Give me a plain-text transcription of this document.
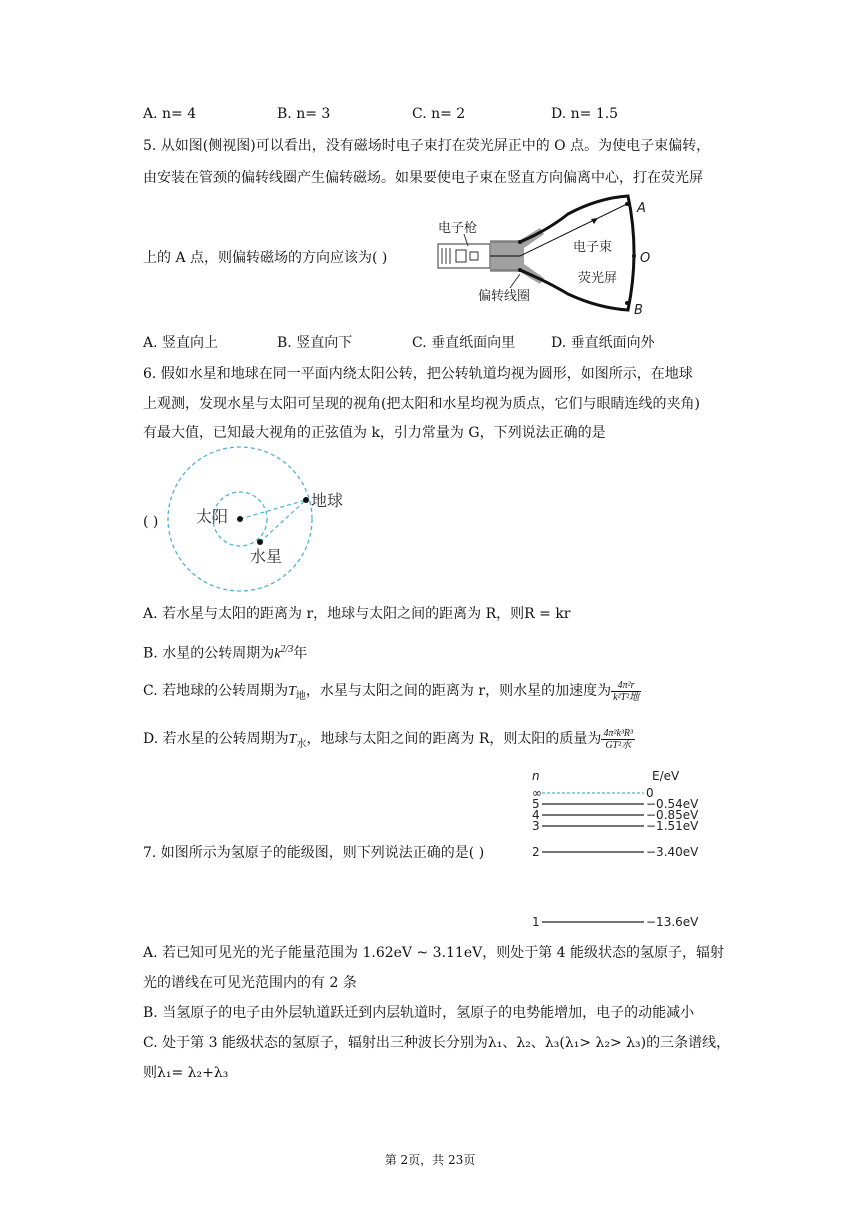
A. n= 4	B. n= 3	C. n= 2	D. n= 1.5
5. 从如图(侧视图)可以看出，没有磁场时电子束打在荧光屏正中的 O 点。为使电子束偏转，
由安装在管颈的偏转线圈产生偏转磁场。如果要使电子束在竖直方向偏离中心，打在荧光屏
上的 A 点，则偏转磁场的方向应该为( )
电子枪
电子束
荧光屏
偏转线圈
A
O
B
A. 竖直向上	B. 竖直向下	C. 垂直纸面向里	D. 垂直纸面向外
6. 假如水星和地球在同一平面内绕太阳公转，把公转轨道均视为圆形，如图所示，在地球
上观测，发现水星与太阳可呈现的视角(把太阳和水星均视为质点，它们与眼睛连线的夹角)
有最大值，已知最大视角的正弦值为 k，引力常量为 G，下列说法正确的是
( ) 太阳
地球
水星
A. 若水星与太阳的距离为 r，地球与太阳之间的距离为 R，则R = kr
B. 水星的公转周期为$k^{2/3}$年
C. 若地球的公转周期为$T_地$，水星与太阳之间的距离为 r，则水星的加速度为 $\frac{\text{4π²r}}{\text{k²T²地}}$
D. 若水星的公转周期为$T_水$，地球与太阳之间的距离为 R，则太阳的质量为 $\frac{\text{4π²k³R³}}{\text{GT²水}}$
7. 如图所示为氢原子的能级图，则下列说法正确的是( )
n	E/eV
∞	0
5	−0.54eV
4	−0.85eV
3	−1.51eV
2	−3.40eV
1	−13.6eV
A. 若已知可见光的光子能量范围为 1.62eV ~ 3.11eV，则处于第 4 能级状态的氢原子，辐射
光的谱线在可见光范围内的有 2 条
B. 当氢原子的电子由外层轨道跃迁到内层轨道时，氢原子的电势能增加，电子的动能减小
C. 处于第 3 能级状态的氢原子，辐射出三种波长分别为λ₁、λ₂、λ₃(λ₁> λ₂> λ₃)的三条谱线，
则λ₁= λ₂+λ₃
第 2页，共 23页
